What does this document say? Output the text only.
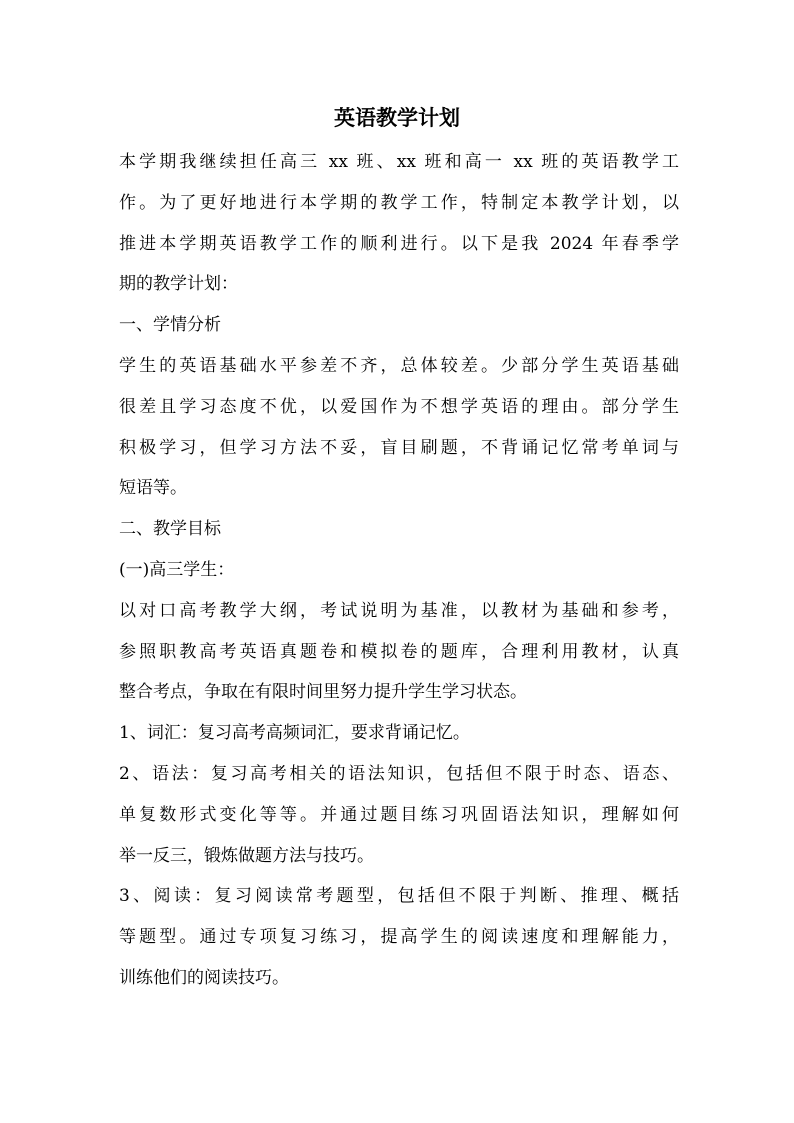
英语教学计划
本学期我继续担任高三 xx 班、xx 班和高一 xx 班的英语教学工
作。为了更好地进行本学期的教学工作，特制定本教学计划，以
推进本学期英语教学工作的顺利进行。以下是我 2024 年春季学
期的教学计划：
一、学情分析
学生的英语基础水平参差不齐，总体较差。少部分学生英语基础
很差且学习态度不优，以爱国作为不想学英语的理由。部分学生
积极学习，但学习方法不妥，盲目刷题，不背诵记忆常考单词与
短语等。
二、教学目标
(一)高三学生：
以对口高考教学大纲，考试说明为基准，以教材为基础和参考，
参照职教高考英语真题卷和模拟卷的题库，合理利用教材，认真
整合考点，争取在有限时间里努力提升学生学习状态。
1、词汇：复习高考高频词汇，要求背诵记忆。
2、语法：复习高考相关的语法知识，包括但不限于时态、语态、
单复数形式变化等等。并通过题目练习巩固语法知识，理解如何
举一反三，锻炼做题方法与技巧。
3、阅读：复习阅读常考题型，包括但不限于判断、推理、概括
等题型。通过专项复习练习，提高学生的阅读速度和理解能力，
训练他们的阅读技巧。
